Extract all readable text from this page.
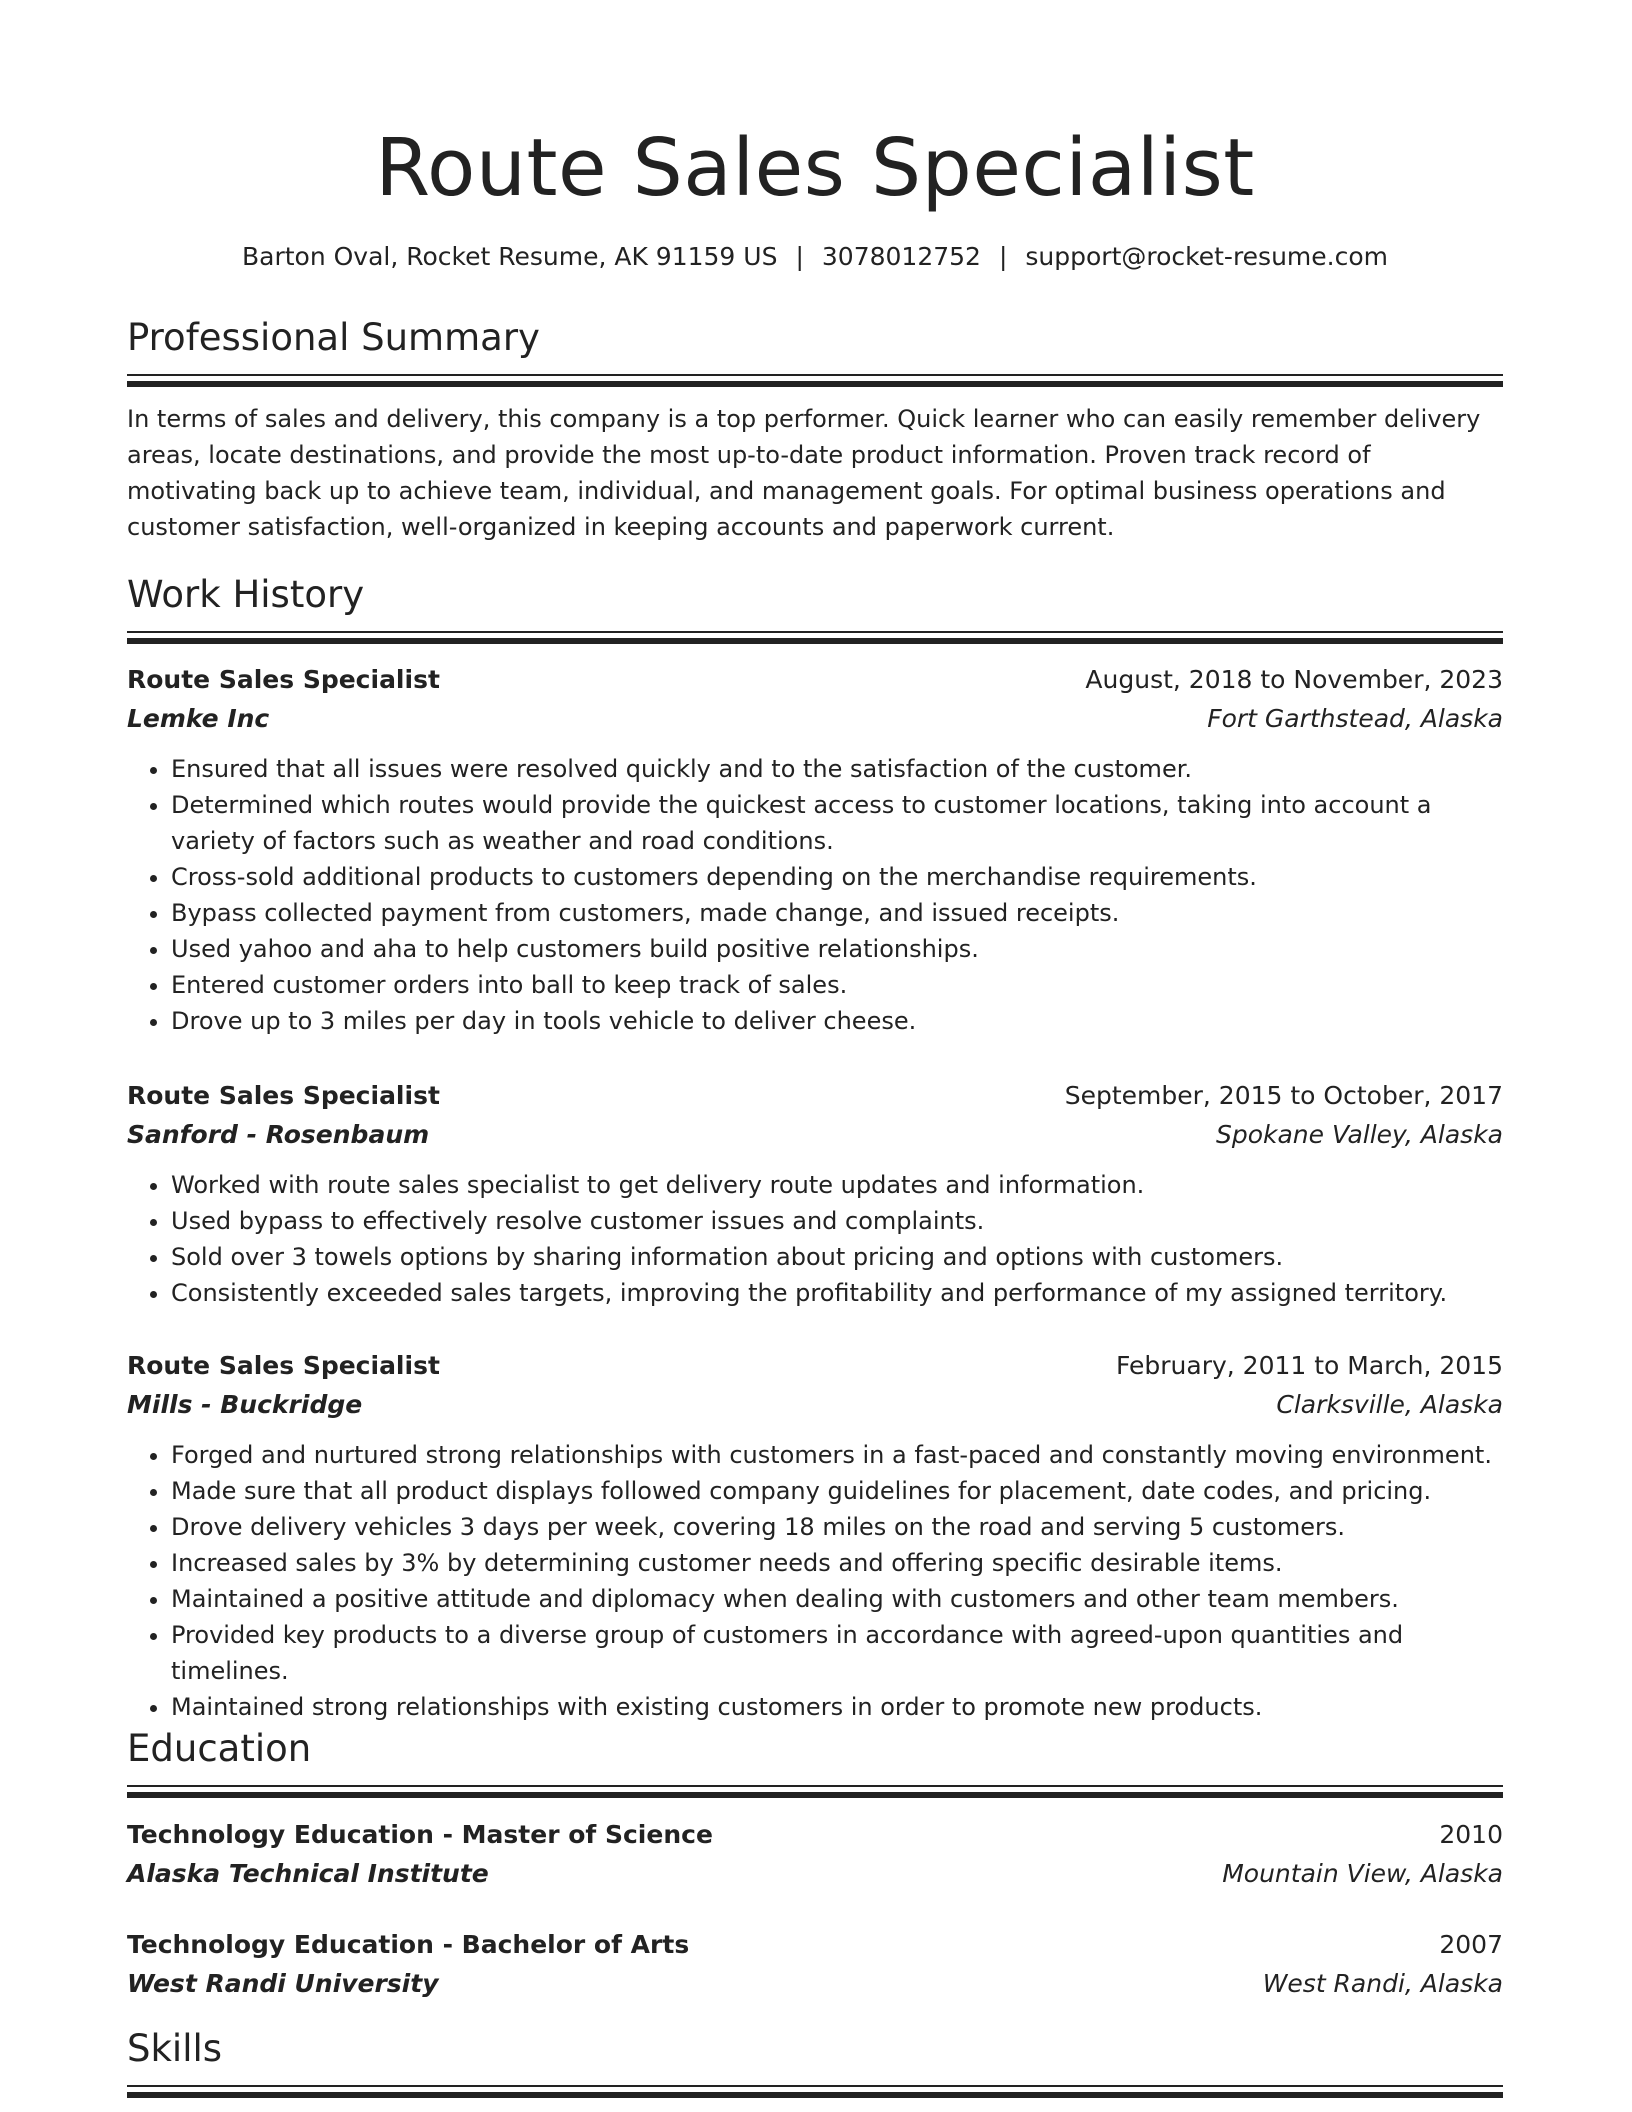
Route Sales Specialist
Barton Oval, Rocket Resume, AK 91159 US | 3078012752 | support@rocket-resume.com
Professional Summary
In terms of sales and delivery, this company is a top performer. Quick learner who can easily remember delivery areas, locate destinations, and provide the most up-to-date product information. Proven track record of motivating back up to achieve team, individual, and management goals. For optimal business operations and customer satisfaction, well-organized in keeping accounts and paperwork current.
Work History
Route Sales Specialist	August, 2018 to November, 2023
Lemke Inc	Fort Garthstead, Alaska
• Ensured that all issues were resolved quickly and to the satisfaction of the customer.
• Determined which routes would provide the quickest access to customer locations, taking into account a variety of factors such as weather and road conditions.
• Cross-sold additional products to customers depending on the merchandise requirements.
• Bypass collected payment from customers, made change, and issued receipts.
• Used yahoo and aha to help customers build positive relationships.
• Entered customer orders into ball to keep track of sales.
• Drove up to 3 miles per day in tools vehicle to deliver cheese.
Route Sales Specialist	September, 2015 to October, 2017
Sanford - Rosenbaum	Spokane Valley, Alaska
• Worked with route sales specialist to get delivery route updates and information.
• Used bypass to effectively resolve customer issues and complaints.
• Sold over 3 towels options by sharing information about pricing and options with customers.
• Consistently exceeded sales targets, improving the profitability and performance of my assigned territory.
Route Sales Specialist	February, 2011 to March, 2015
Mills - Buckridge	Clarksville, Alaska
• Forged and nurtured strong relationships with customers in a fast-paced and constantly moving environment.
• Made sure that all product displays followed company guidelines for placement, date codes, and pricing.
• Drove delivery vehicles 3 days per week, covering 18 miles on the road and serving 5 customers.
• Increased sales by 3% by determining customer needs and offering specific desirable items.
• Maintained a positive attitude and diplomacy when dealing with customers and other team members.
• Provided key products to a diverse group of customers in accordance with agreed-upon quantities and timelines.
• Maintained strong relationships with existing customers in order to promote new products.
Education
Technology Education - Master of Science	2010
Alaska Technical Institute	Mountain View, Alaska
Technology Education - Bachelor of Arts	2007
West Randi University	West Randi, Alaska
Skills
